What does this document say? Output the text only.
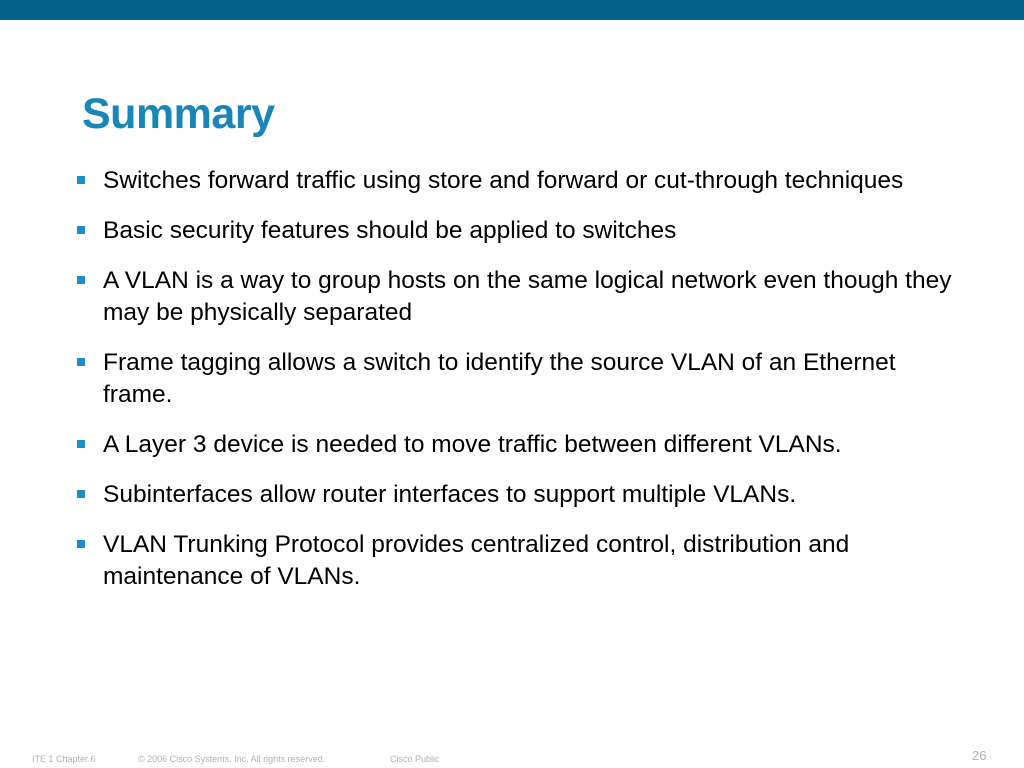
Summary
Switches forward traffic using store and forward or cut-through techniques
Basic security features should be applied to switches
A VLAN is a way to group hosts on the same logical network even though they may be physically separated
Frame tagging allows a switch to identify the source VLAN of an Ethernet frame.
A Layer 3 device is needed to move traffic between different VLANs.
Subinterfaces allow router interfaces to support multiple VLANs.
VLAN Trunking Protocol provides centralized control, distribution and maintenance of VLANs.
ITE 1 Chapter 6	© 2006 Cisco Systems, Inc. All rights reserved.	Cisco Public	26
